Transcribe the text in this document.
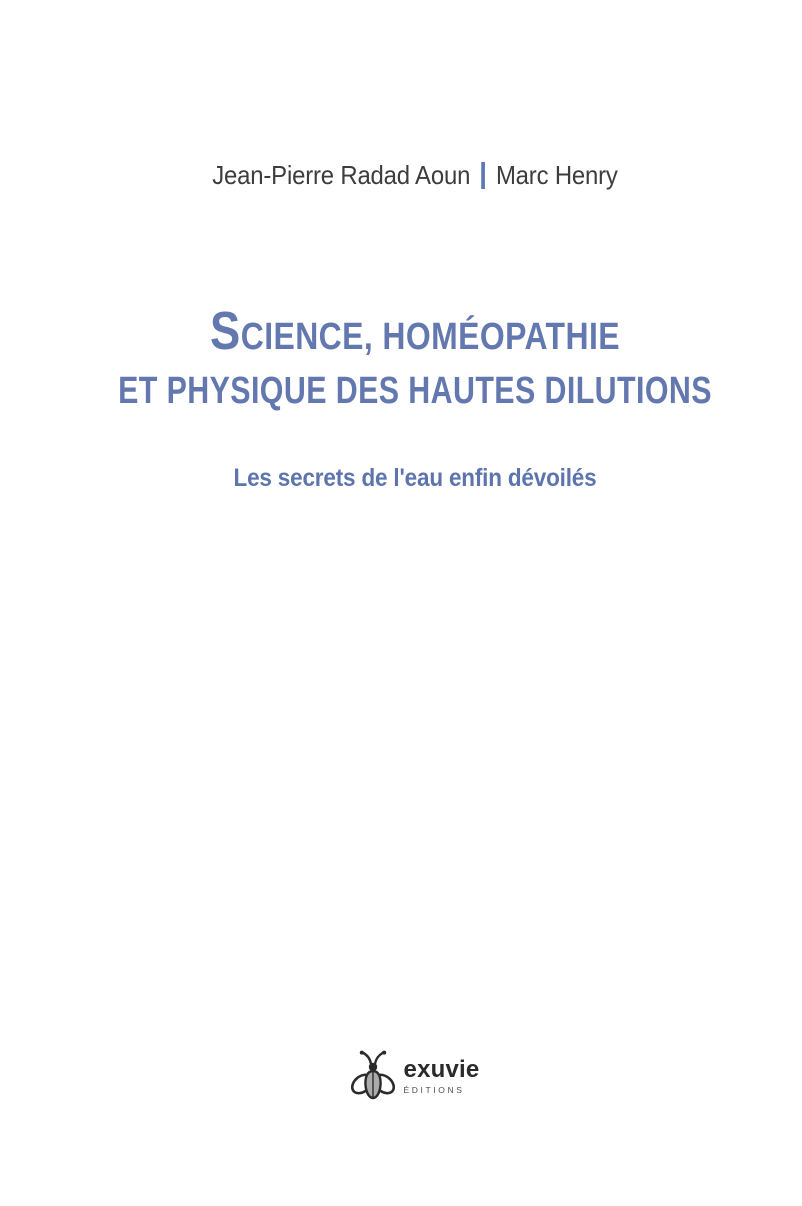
Jean-Pierre Radad Aoun Marc Henry
SCIENCE, HOMÉOPATHIE
ET PHYSIQUE DES HAUTES DILUTIONS
Les secrets de l'eau enfin dévoilés
exuvie
ÉDITIONS
